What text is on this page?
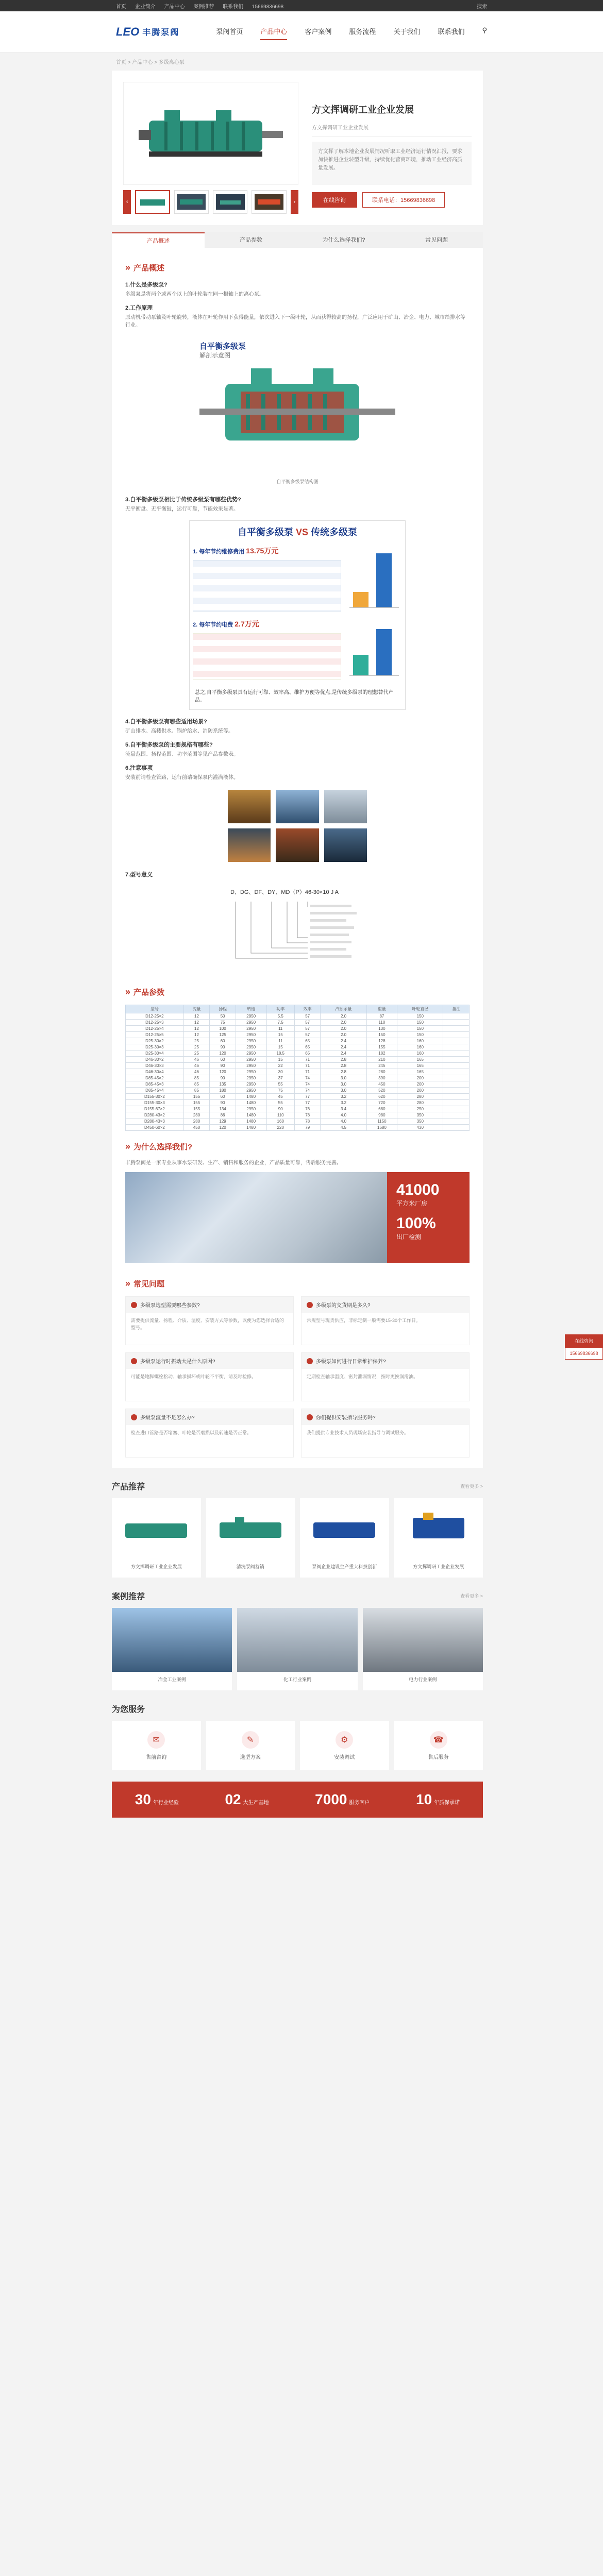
首页 企业简介 产品中心 案例推荐 联系我们 15669836698	搜索
LEO 丰腾泵阀	泵阀首页	产品中心	客户案例	服务流程	关于我们	联系我们	⚲
首页 > 产品中心 > 多级离心泵
‹	›
方文挥调研工业企业发展
方文挥调研工业企业发展
方文挥了解本地企业发展情况听取工业经济运行情况汇报，要求加快推进企业转型升级，持续优化营商环境，推动工业经济高质量发展。
在线咨询	联系电话：15669836698
产品概述	产品参数	为什么选择我们?	常见问题
» 产品概述
1.什么是多级泵?
多级泵是将两个或两个以上的叶轮装在同一根轴上的离心泵。
2.工作原理
原动机带动泵轴及叶轮旋转，液体在叶轮作用下获得能量，依次进入下一级叶轮，从而获得较高的扬程，广泛应用于矿山、冶金、电力、城市给排水等行业。
自平衡多级泵
解剖示意图
自平衡多级泵结构图
3.自平衡多级泵相比于传统多级泵有哪些优势?
无平衡盘、无平衡鼓，运行可靠，节能效果显著。
自平衡多级泵 VS 传统多级泵
1. 每年节约维修费用 13.75万元
2. 每年节约电费 2.7万元
总之,自平衡多级泵具有运行可靠、效率高、维护方便等优点,是传统多级泵的理想替代产品。
4.自平衡多级泵有哪些适用场景?
矿山排水、高楼供水、锅炉给水、消防系统等。
5.自平衡多级泵的主要规格有哪些?
流量范围、扬程范围、功率范围等见产品参数表。
6.注意事项
安装前请检查管路，运行前请确保泵内灌满液体。
7.型号意义
D、DG、DF、DY、MD（P）46-30×10 J A
» 产品参数
型号	流量	扬程	转速	功率	效率	汽蚀余量	重量	叶轮直径	备注
D12-25×2	12	50	2950	5.5	57	2.0	87	150	
D12-25×3	12	75	2950	7.5	57	2.0	110	150	
D12-25×4	12	100	2950	11	57	2.0	130	150	
D12-25×5	12	125	2950	15	57	2.0	150	150	
D25-30×2	25	60	2950	11	65	2.4	128	160	
D25-30×3	25	90	2950	15	65	2.4	155	160	
D25-30×4	25	120	2950	18.5	65	2.4	182	160	
D46-30×2	46	60	2950	15	71	2.8	210	165	
D46-30×3	46	90	2950	22	71	2.8	245	165	
D46-30×4	46	120	2950	30	71	2.8	280	165	
D85-45×2	85	90	2950	37	74	3.0	390	200	
D85-45×3	85	135	2950	55	74	3.0	450	200	
D85-45×4	85	180	2950	75	74	3.0	520	200	
D155-30×2	155	60	1480	45	77	3.2	620	280	
D155-30×3	155	90	1480	55	77	3.2	720	280	
D155-67×2	155	134	2950	90	76	3.4	680	250	
D280-43×2	280	86	1480	110	78	4.0	980	350	
D280-43×3	280	129	1480	160	78	4.0	1150	350	
D450-60×2	450	120	1480	220	79	4.5	1680	430	
» 为什么选择我们?
丰腾泵阀是一家专业从事水泵研发、生产、销售和服务的企业，产品质量可靠，售后服务完善。
41000
平方米厂房
100%
出厂检测
» 常见问题
多级泵选型需要哪些参数?
需要提供流量、扬程、介质、温度、安装方式等参数，以便为您选择合适的型号。
多级泵的交货期是多久?
常规型号现货供应，非标定制一般需要15-30个工作日。
多级泵运行时振动大是什么原因?
可能是地脚螺栓松动、轴承损坏或叶轮不平衡，请及时检修。
多级泵如何进行日常维护保养?
定期检查轴承温度、密封泄漏情况，按时更换润滑油。
多级泵流量不足怎么办?
检查进口管路是否堵塞、叶轮是否磨损以及转速是否正常。
你们提供安装指导服务吗?
我们提供专业技术人员现场安装指导与调试服务。
产品推荐	查看更多 >
方文挥调研工业企业发展	清洗泵阀营销	泵阀企业建设生产重大科技创新	方文挥调研工业企业发展
案例推荐	查看更多 >
冶金工业案例	化工行业案例	电力行业案例
为您服务
✉
售前咨询
✎
选型方案
⚙
安装调试
☎
售后服务
30 年行业经验	02 大生产基地	7000 服务客户	10 年质保承诺

在线咨询
15669836698
